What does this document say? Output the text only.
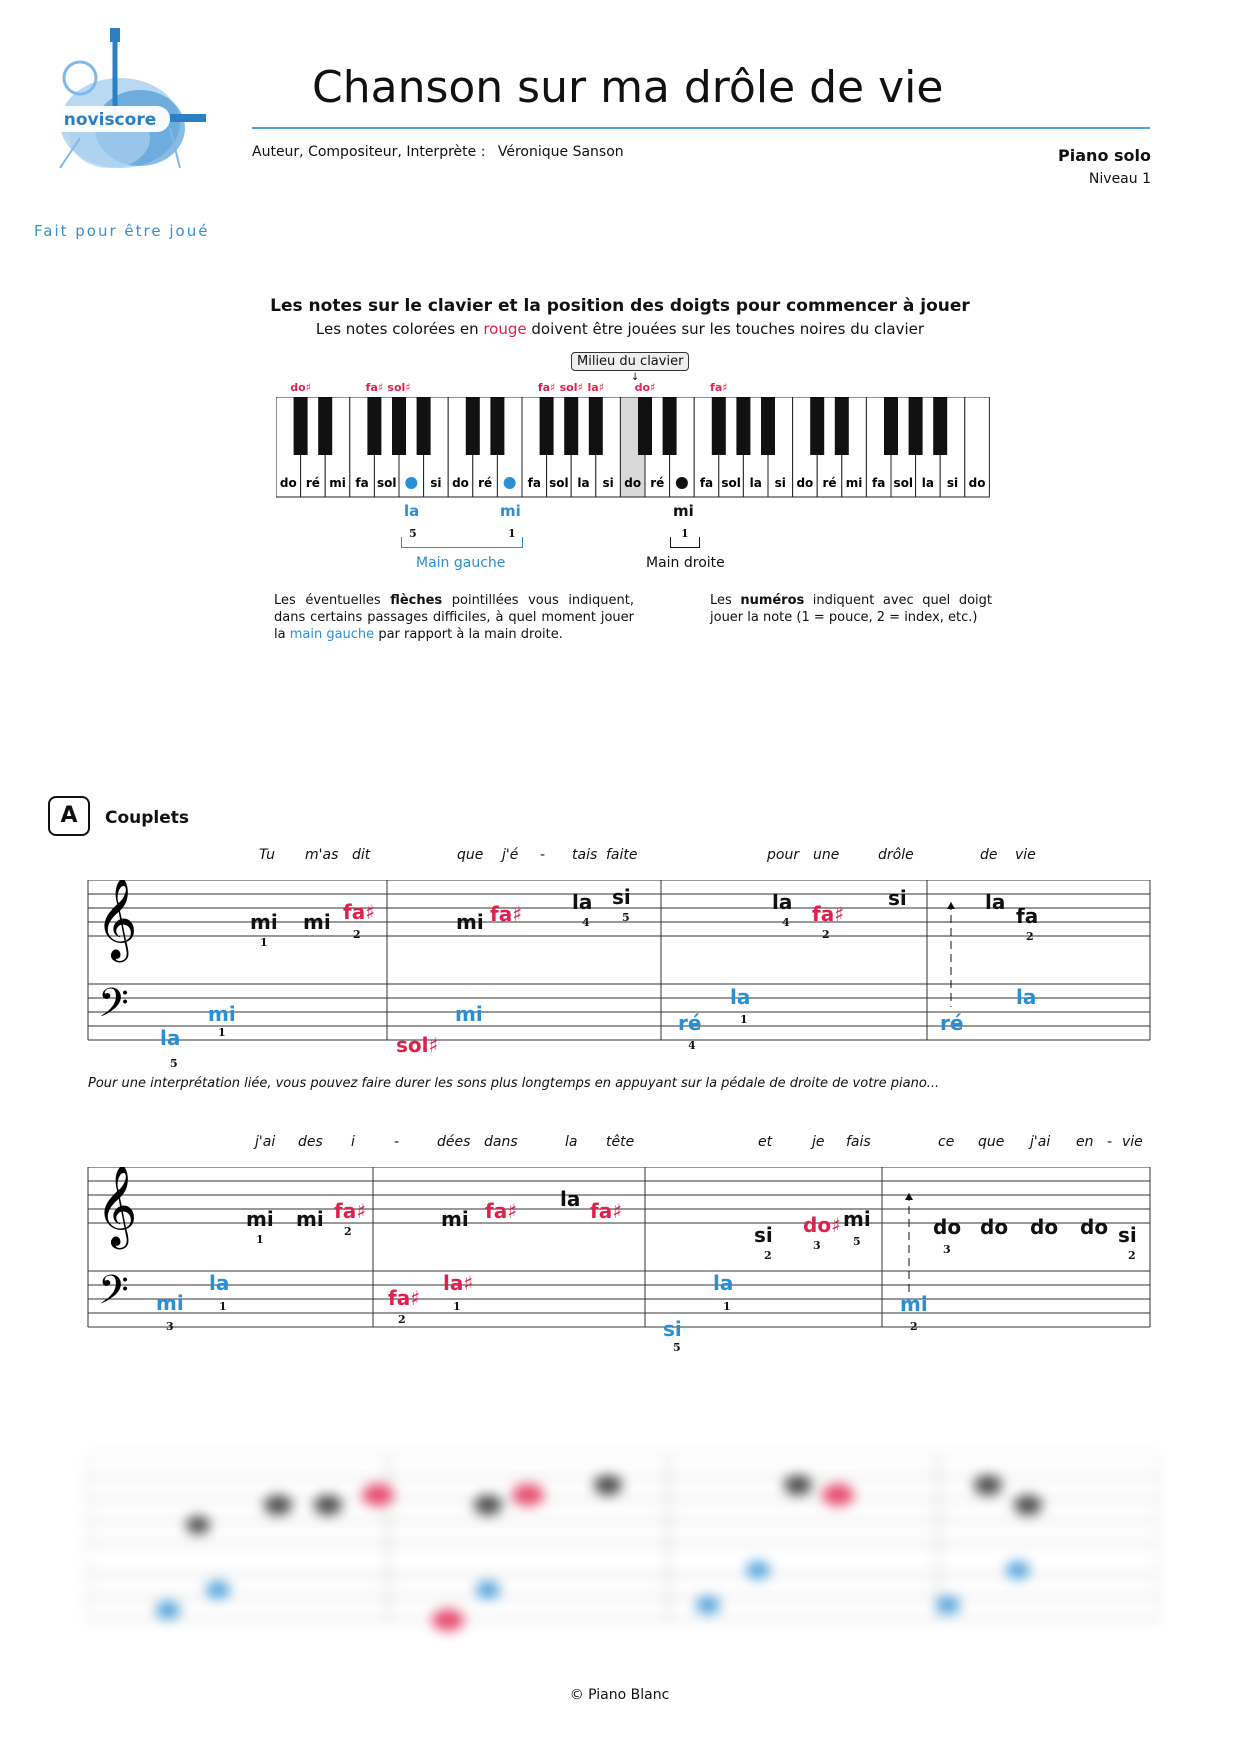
noviscore
Fait pour être joué
Chanson sur ma drôle de vie
Auteur, Compositeur, Interprète : Véronique Sanson	Piano solo
Niveau 1
Les notes sur le clavier et la position des doigts pour commencer à jouer
Les notes colorées en rouge doivent être jouées sur les touches noires du clavier
Milieu du clavier
↓
do♯	fa♯ sol♯	fa♯ sol♯ la♯	do♯	fa♯
do ré mi fa sol	si do ré	fa sol la si do ré	fa sol la si do ré mi fa sol la si do
la
5
mi
1
Main gauche
mi
1
Main droite
Les éventuelles flèches pointillées vous indiquent, dans certains passages difficiles, à quel moment jouer la main gauche par rapport à la main droite.
Les numéros indiquent avec quel doigt jouer la note (1 = pouce, 2 = index, etc.)
A	Couplets
𝄞
𝄢
Tu m'as dit	que j'é - tais faite	pour une	drôle	de vie
mi
1
mi fa♯
2
mi fa♯	la
4
si
5
la
4 fa♯
2
si	la
fa
2
la
5
mi
1
sol♯
mi	ré
4
la
1	ré
la
Pour une interprétation liée, vous pouvez faire durer les sons plus longtemps en appuyant sur la pédale de droite de votre piano...
𝄞
𝄢
j'ai des i	-	dées dans	la tête	et	je fais	ce que j'ai en - vie
mi
1
mi fa♯
2
mi fa♯ la fa♯
si
2
do♯
3
mi
5
do
3
do do do si
2
mi
3
la
1	fa♯
2
la♯
1
si
5
la
1	mi
2
© Piano Blanc
